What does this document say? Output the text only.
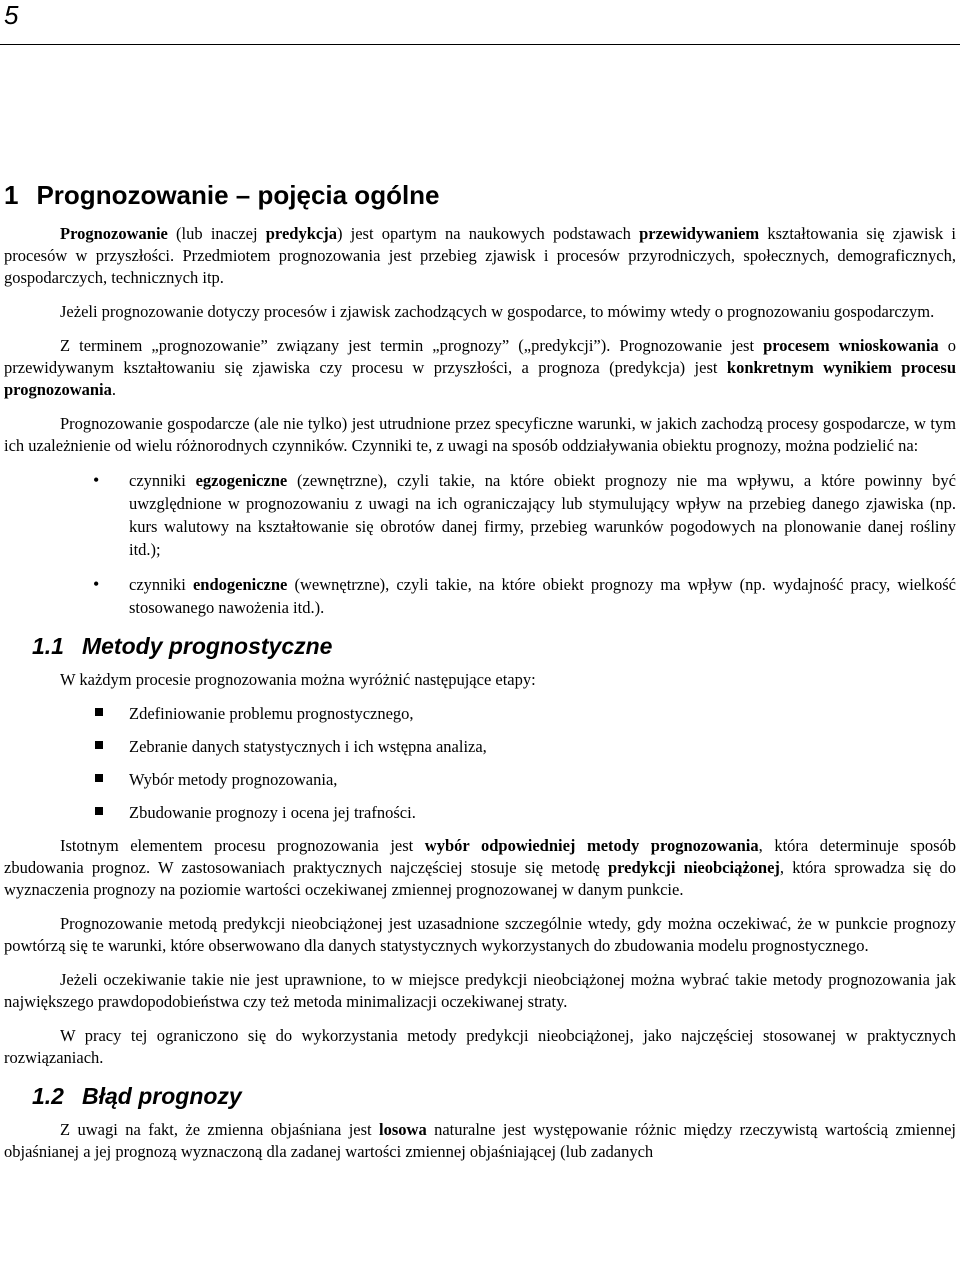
5
1 Prognozowanie – pojęcia ogólne

Prognozowanie (lub inaczej predykcja) jest opartym na naukowych podstawach przewidywaniem kształtowania się zjawisk i procesów w przyszłości. Przedmiotem prognozowania jest przebieg zjawisk i procesów przyrodniczych, społecznych, demograficznych, gospodarczych, technicznych itp.

Jeżeli prognozowanie dotyczy procesów i zjawisk zachodzących w gospodarce, to mówimy wtedy o prognozowaniu gospodarczym.

Z terminem „prognozowanie” związany jest termin „prognozy” („predykcji”). Prognozowanie jest procesem wnioskowania o przewidywanym kształtowaniu się zjawiska czy procesu w przyszłości, a prognoza (predykcja) jest konkretnym wynikiem procesu prognozowania.

Prognozowanie gospodarcze (ale nie tylko) jest utrudnione przez specyficzne warunki, w jakich zachodzą procesy gospodarcze, w tym ich uzależnienie od wielu różnorodnych czynników. Czynniki te, z uwagi na sposób oddziaływania obiektu prognozy, można podzielić na:

• czynniki egzogeniczne (zewnętrzne), czyli takie, na które obiekt prognozy nie ma wpływu, a które powinny być uwzględnione w prognozowaniu z uwagi na ich ograniczający lub stymulujący wpływ na przebieg danego zjawiska (np. kurs walutowy na kształtowanie się obrotów danej firmy, przebieg warunków pogodowych na plonowanie danej rośliny itd.);
• czynniki endogeniczne (wewnętrzne), czyli takie, na które obiekt prognozy ma wpływ (np. wydajność pracy, wielkość stosowanego nawożenia itd.).
1.1 Metody prognostyczne

W każdym procesie prognozowania można wyróżnić następujące etapy:

Zdefiniowanie problemu prognostycznego,
Zebranie danych statystycznych i ich wstępna analiza,
Wybór metody prognozowania,
Zbudowanie prognozy i ocena jej trafności.

Istotnym elementem procesu prognozowania jest wybór odpowiedniej metody prognozowania, która determinuje sposób zbudowania prognoz. W zastosowaniach praktycznych najczęściej stosuje się metodę predykcji nieobciążonej, która sprowadza się do wyznaczenia prognozy na poziomie wartości oczekiwanej zmiennej prognozowanej w danym punkcie.

Prognozowanie metodą predykcji nieobciążonej jest uzasadnione szczególnie wtedy, gdy można oczekiwać, że w punkcie prognozy powtórzą się te warunki, które obserwowano dla danych statystycznych wykorzystanych do zbudowania modelu prognostycznego.

Jeżeli oczekiwanie takie nie jest uprawnione, to w miejsce predykcji nieobciążonej można wybrać takie metody prognozowania jak największego prawdopodobieństwa czy też metoda minimalizacji oczekiwanej straty.

W pracy tej ograniczono się do wykorzystania metody predykcji nieobciążonej, jako najczęściej stosowanej w praktycznych rozwiązaniach.

1.2 Błąd prognozy

Z uwagi na fakt, że zmienna objaśniana jest losowa naturalne jest występowanie różnic między rzeczywistą wartością zmiennej objaśnianej a jej prognozą wyznaczoną dla zadanej wartości zmiennej objaśniającej (lub zadanych
